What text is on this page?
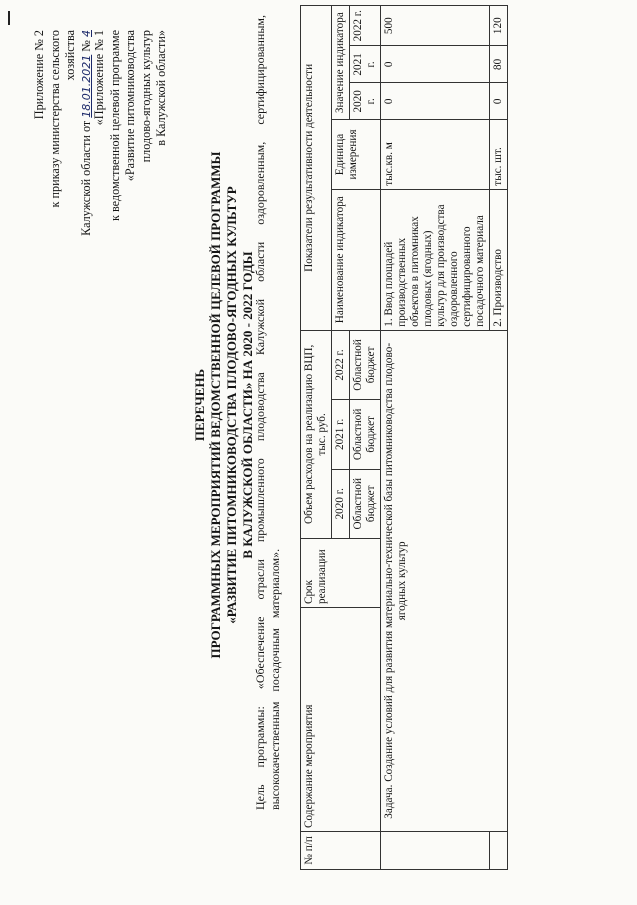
Приложение № 2 к приказу министерства сельского хозяйства
Калужской области от 18.01.2021 № 4 «Приложение № 1 к ведомственной целевой программе «Развитие питомниководства плодово-ягодных культур в Калужской области»
ПЕРЕЧЕНЬ ПРОГРАММНЫХ МЕРОПРИЯТИЙ ВЕДОМСТВЕННОЙ ЦЕЛЕВОЙ ПРОГРАММЫ «РАЗВИТИЕ ПИТОМНИКОВОДСТВА ПЛОДОВО-ЯГОДНЫХ КУЛЬТУР В КАЛУЖСКОЙ ОБЛАСТИ» НА 2020 - 2022 ГОДЫ
Цель программы: «Обеспечение отрасли промышленного плодоводства Калужской области оздоровленным, сертифицированным, высококачественным посадочным материалом».
№ п/п	Содержание мероприятия	Срок реализации	Объем расходов на реализацию ВЦП, тыс. руб.			Показатели результативности деятельности				
			2020 г.	2021 г.	2022 г.	Наименование индикатора	Единица измерения	Значение индикатора		
			Областной бюджет	Областной бюджет	Областной бюджет			2020 г.	2021 г.	2022 г.
	Задача. Создание условий для развития материально-технической базы питомниководства плодово-ягодных культур					1. Ввод площадей производственных объектов в питомниках плодовых (ягодных) культур для производства оздоровленного сертифицированного посадочного материала	тыс.кв. м	0	0	500
						2. Производство	тыс. шт.	0	80	120
